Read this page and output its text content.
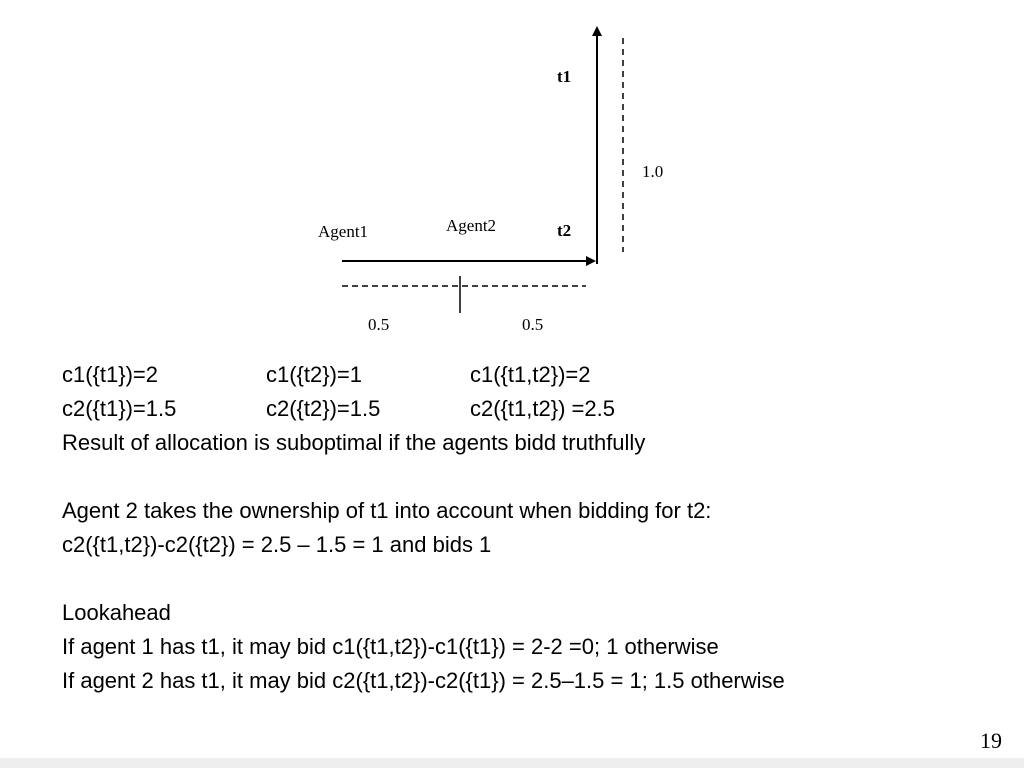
t1
t2
Agent1	Agent2
1.0
0.5	0.5
c1({t1})=2	c1({t2})=1	c1({t1,t2})=2
c2({t1})=1.5	c2({t2})=1.5	c2({t1,t2}) =2.5
Result of allocation is suboptimal if the agents bidd truthfully
Agent 2 takes the ownership of t1 into account when bidding for t2:
c2({t1,t2})-c2({t2}) = 2.5 – 1.5 = 1 and bids 1
Lookahead
If agent 1 has t1, it may bid c1({t1,t2})-c1({t1}) = 2-2 =0; 1 otherwise
If agent 2 has t1, it may bid c2({t1,t2})-c2({t1}) = 2.5–1.5 = 1; 1.5 otherwise
19
